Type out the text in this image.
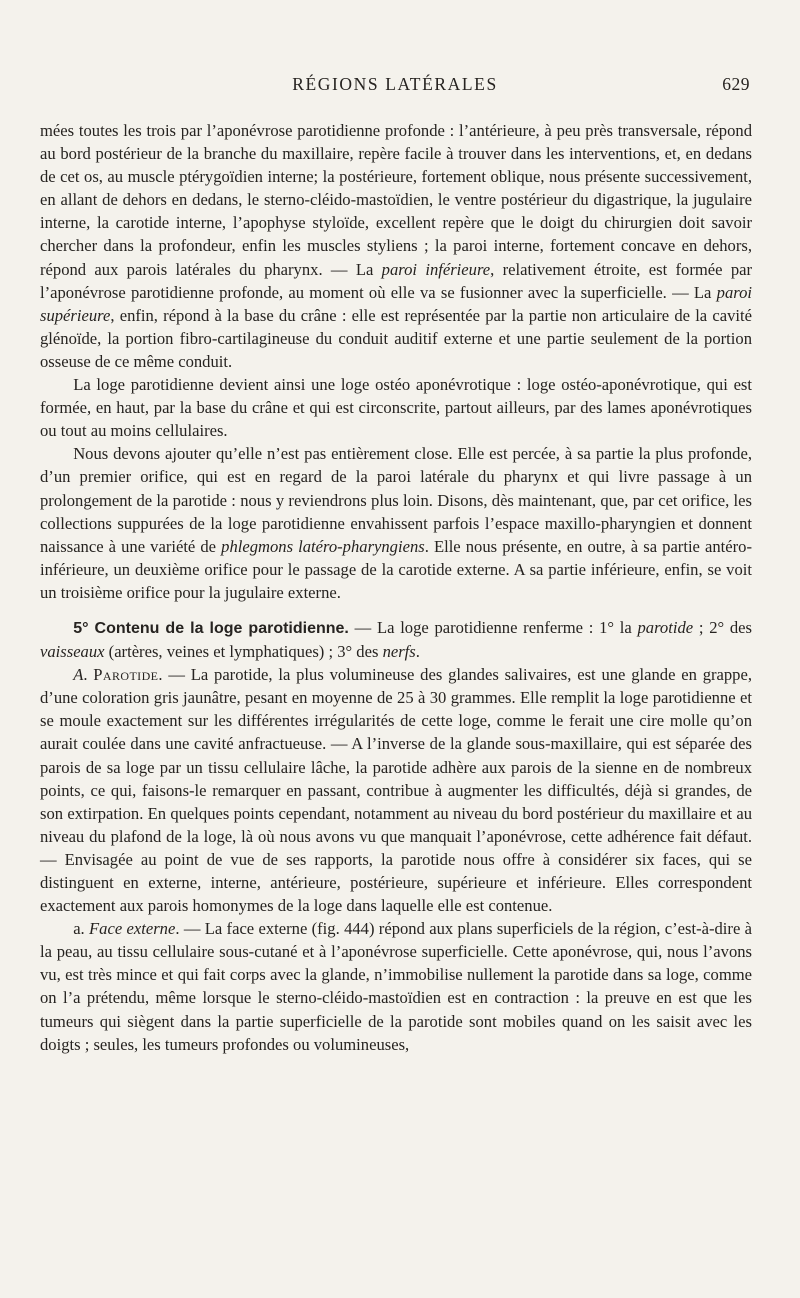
RÉGIONS LATÉRALES	629

mées toutes les trois par l’aponévrose parotidienne profonde : l’antérieure, à peu près transversale, répond au bord postérieur de la branche du maxillaire, repère facile à trouver dans les interventions, et, en dedans de cet os, au muscle ptérygoïdien interne; la postérieure, fortement oblique, nous présente successivement, en allant de dehors en dedans, le sterno-cléido-mastoïdien, le ventre postérieur du digastrique, la jugulaire interne, la carotide interne, l’apophyse styloïde, excellent repère que le doigt du chirurgien doit savoir chercher dans la profondeur, enfin les muscles styliens ; la paroi interne, fortement concave en dehors, répond aux parois latérales du pharynx. — La paroi inférieure, relativement étroite, est formée par l’aponévrose parotidienne profonde, au moment où elle va se fusionner avec la superficielle. — La paroi supérieure, enfin, répond à la base du crâne : elle est représentée par la partie non articulaire de la cavité glénoïde, la portion fibro-cartilagineuse du conduit auditif externe et une partie seulement de la portion osseuse de ce même conduit.

La loge parotidienne devient ainsi une loge ostéo aponévrotique : loge ostéo-aponévrotique, qui est formée, en haut, par la base du crâne et qui est circonscrite, partout ailleurs, par des lames aponévrotiques ou tout au moins cellulaires.

Nous devons ajouter qu’elle n’est pas entièrement close. Elle est percée, à sa partie la plus profonde, d’un premier orifice, qui est en regard de la paroi latérale du pharynx et qui livre passage à un prolongement de la parotide : nous y reviendrons plus loin. Disons, dès maintenant, que, par cet orifice, les collections suppurées de la loge parotidienne envahissent parfois l’espace maxillo-pharyngien et donnent naissance à une variété de phlegmons latéro-pharyngiens. Elle nous présente, en outre, à sa partie antéro-inférieure, un deuxième orifice pour le passage de la carotide externe. A sa partie inférieure, enfin, se voit un troisième orifice pour la jugulaire externe.

5° Contenu de la loge parotidienne. — La loge parotidienne renferme : 1° la parotide ; 2° des vaisseaux (artères, veines et lymphatiques) ; 3° des nerfs.

A. Parotide. — La parotide, la plus volumineuse des glandes salivaires, est une glande en grappe, d’une coloration gris jaunâtre, pesant en moyenne de 25 à 30 grammes. Elle remplit la loge parotidienne et se moule exactement sur les différentes irrégularités de cette loge, comme le ferait une cire molle qu’on aurait coulée dans une cavité anfractueuse. — A l’inverse de la glande sous-maxillaire, qui est séparée des parois de sa loge par un tissu cellulaire lâche, la parotide adhère aux parois de la sienne en de nombreux points, ce qui, faisons-le remarquer en passant, contribue à augmenter les difficultés, déjà si grandes, de son extirpation. En quelques points cependant, notamment au niveau du bord postérieur du maxillaire et au niveau du plafond de la loge, là où nous avons vu que manquait l’aponévrose, cette adhérence fait défaut. — Envisagée au point de vue de ses rapports, la parotide nous offre à considérer six faces, qui se distinguent en externe, interne, antérieure, postérieure, supérieure et inférieure. Elles correspondent exactement aux parois homonymes de la loge dans laquelle elle est contenue.

a. Face externe. — La face externe (fig. 444) répond aux plans superficiels de la région, c’est-à-dire à la peau, au tissu cellulaire sous-cutané et à l’aponévrose superficielle. Cette aponévrose, qui, nous l’avons vu, est très mince et qui fait corps avec la glande, n’immobilise nullement la parotide dans sa loge, comme on l’a prétendu, même lorsque le sterno-cléido-mastoïdien est en contraction : la preuve en est que les tumeurs qui siègent dans la partie superficielle de la parotide sont mobiles quand on les saisit avec les doigts ; seules, les tumeurs profondes ou volumineuses,
